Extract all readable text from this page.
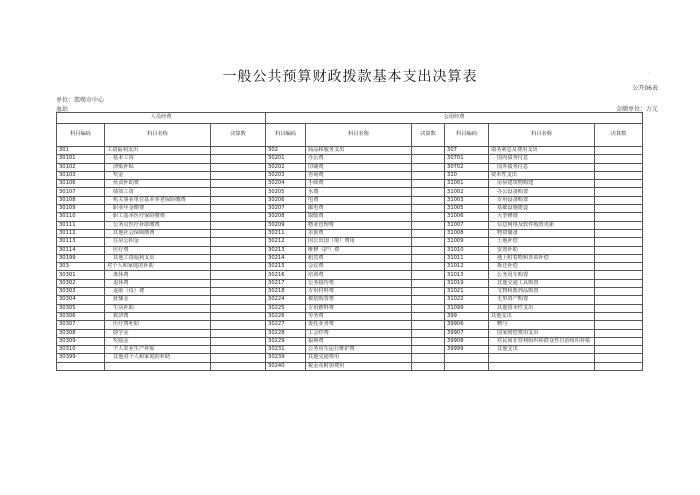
一般公共预算财政拨款基本支出决算表
公开06表
单位：邯郸市中心
血站	金额单位：万元
·
·
人员经费			公用经费					
科目编码	科目名称	决算数	科目编码	科目名称	决算数	科目编码	科目名称	决算数
301	工资福利支出		302	商品和服务支出		307	债务利息及费用支出	
30101	基本工资		30201	办公费		30701	国内债务付息	
30102	津贴补贴		30202	印刷费		30702	国外债务付息	
30103	奖金		30203	咨询费		310	资本性支出	
30106	伙食补助费		30204	手续费		31001	房屋建筑物购建	
30107	绩效工资		30205	水费		31002	办公设备购置	
30108	机关事业单位基本养老保险缴费		30206	电费		31003	专用设备购置	
30109	职业年金缴费		30207	邮电费		31005	基础设施建设	
30110	职工基本医疗保险缴费		30208	取暖费		31006	大型修缮	
30111	公务员医疗补助缴费		30209	物业管理费		31007	信息网络及软件购置更新	
30112	其他社会保障缴费		30211	差旅费		31008	物资储备	
30113	住房公积金		30212	因公出国（境）费用		31009	土地补偿	
30114	医疗费		30213	维修（护）费		31010	安置补助	
30199	其他工资福利支出		30214	租赁费		31011	地上附着物和青苗补偿	
303	对个人和家庭的补助		30215	会议费		31012	拆迁补偿	
30301	离休费		30216	培训费		31013	公务用车购置	
30302	退休费		30217	公务接待费		31019	其他交通工具购置	
30303	退职（役）费		30218	专用材料费		31021	文物和陈列品购置	
30304	抚恤金		30224	被装购置费		31022	无形资产购置	
30305	生活补助		30225	专用燃料费		31099	其他资本性支出	
30306	救济费		30226	劳务费		399	其他支出	
30307	医疗费补助		30227	委托业务费		39906	赠与	
30308	助学金		30228	工会经费		39907	国家赔偿费用支出	
30309	奖励金		30229	福利费		39908	对民间非营利组织和群众性自治组织补贴	
30310	个人农业生产补贴		30231	公务用车运行维护费		39999	其他支出	
30399	其他对个人和家庭的补助		30239	其他交通费用				
			30240	税金及附加费用				
